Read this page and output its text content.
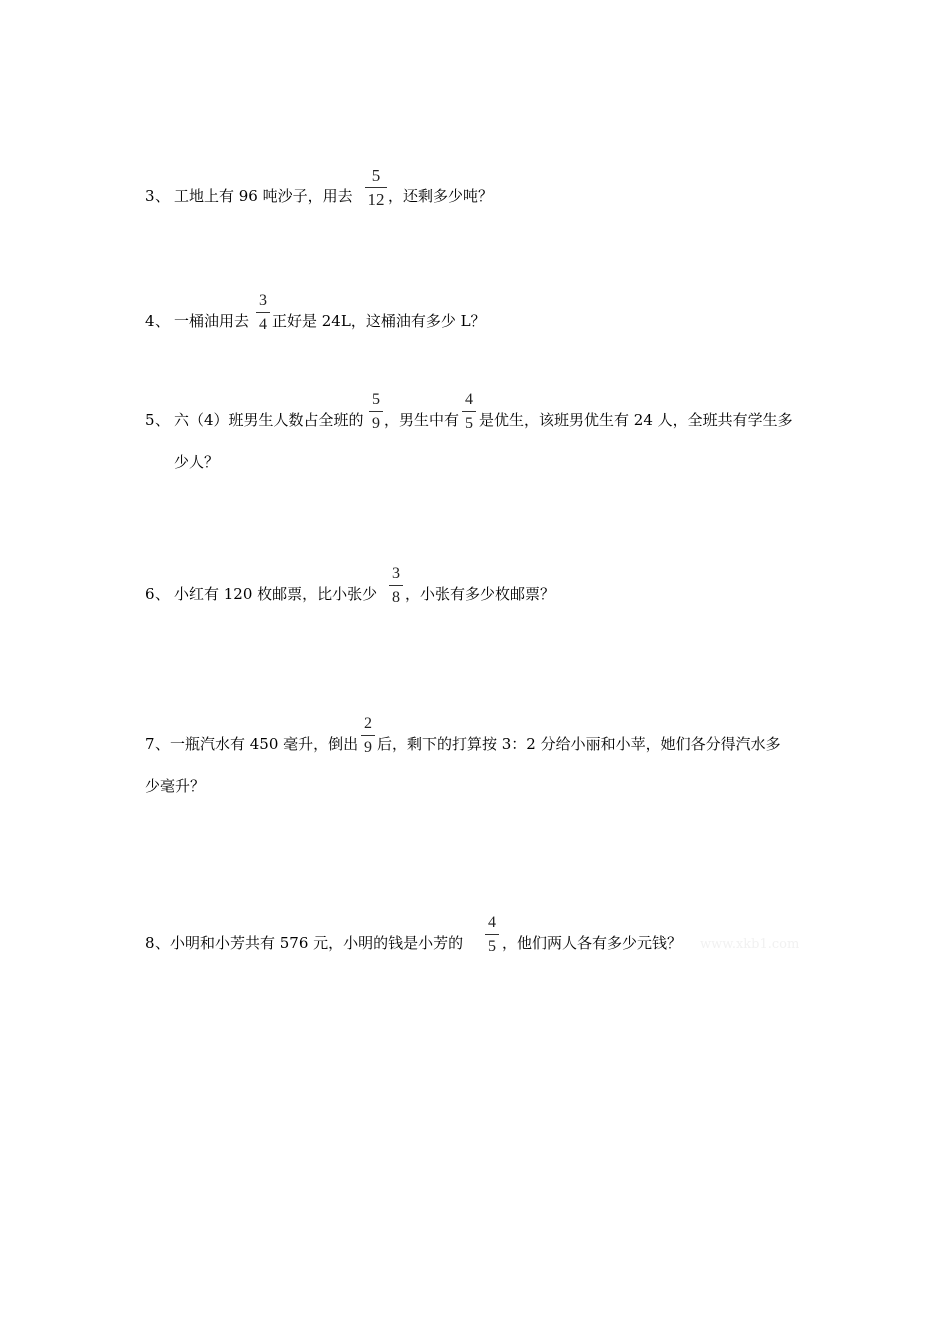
3 、 工地上有 96 吨沙子，用去
5
12 ，还剩多少吨？
4 、 一桶油用去
3
4 正好是 24L，这桶油有多少 L？
5 、 六（4）班男生人数占全班的
5
9 ，男生中有
4
5 是优生，该班男优生有 24 人，全班共有学生多
少人？
6 、 小红有 120 枚邮票，比小张少
3
8 ，小张有多少枚邮票？
7 、 一瓶汽水有 450 毫升，倒出
2
9 后，剩下的打算按 3：2 分给小丽和小苹，她们各分得汽水多
少毫升？
8 、 小明和小芳共有 576 元，小明的钱是小芳的
4
5 ，他们两人各有多少元钱？ www.xkb1.com
